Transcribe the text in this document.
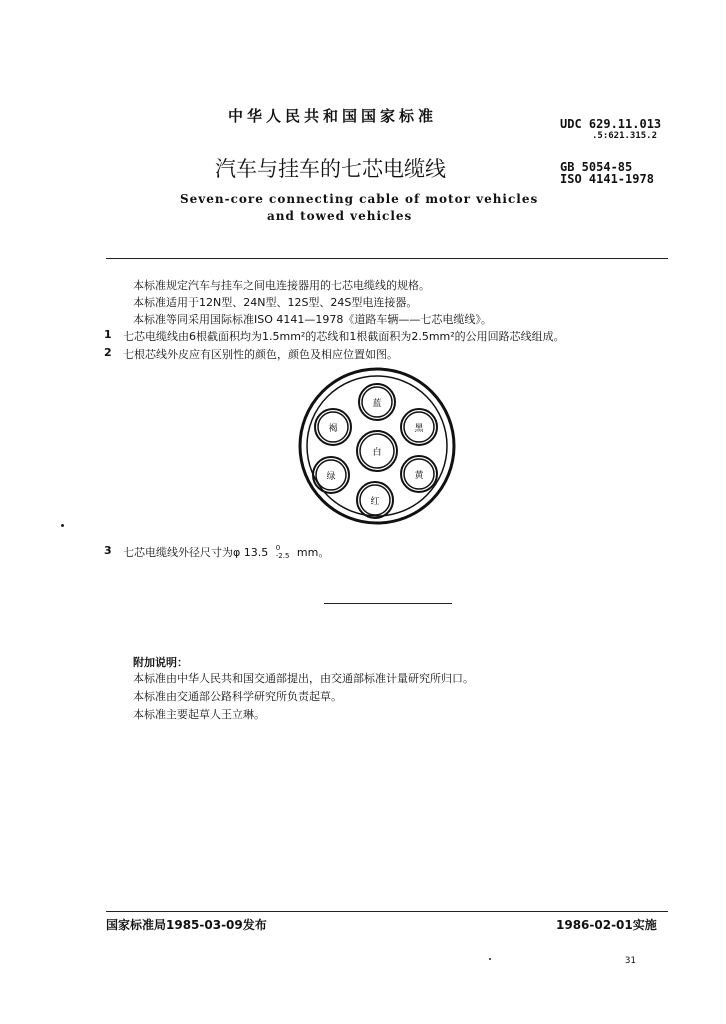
中华人民共和国国家标准
汽车与挂车的七芯电缆线
Seven-core connecting cable of motor vehicles
and towed vehicles
UDC 629.11.013
.5:621.315.2
GB 5054-85
ISO 4141-1978
本标准规定汽车与挂车之间电连接器用的七芯电缆线的规格。
本标准适用于12N型、24N型、12S型、24S型电连接器。
本标准等同采用国际标准ISO 4141—1978《道路车辆——七芯电缆线》。
1 七芯电缆线由6根截面积均为1.5mm²的芯线和1根截面积为2.5mm²的公用回路芯线组成。
2 七根芯线外皮应有区别性的颜色，颜色及相应位置如图。
白
蓝
黑
黄
红
绿
褐
3 七芯电缆线外径尺寸为φ 13.5 0
-2.5 mm。
附加说明：
本标准由中华人民共和国交通部提出，由交通部标准计量研究所归口。
本标准由交通部公路科学研究所负责起草。
本标准主要起草人王立琳。
国家标准局1985-03-09发布	1986-02-01实施
31
